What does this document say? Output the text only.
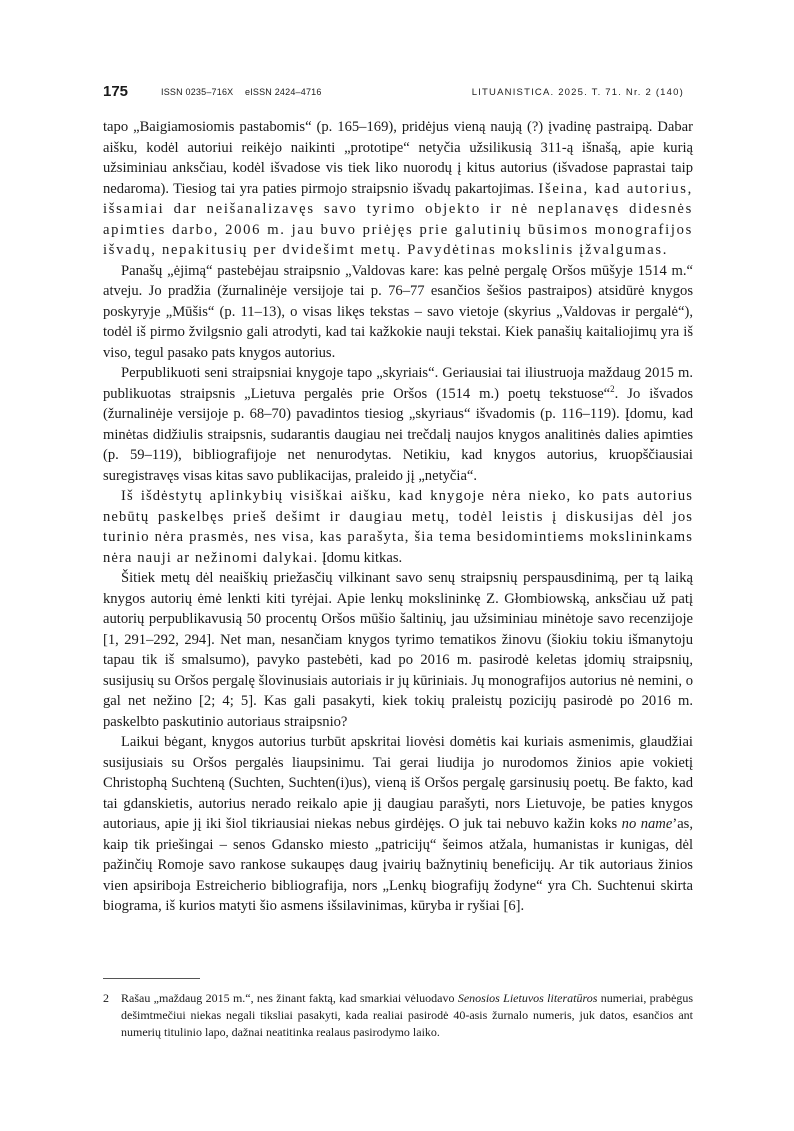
175	ISSN 0235–716X eISSN 2424–4716	LITUANISTICA. 2025. T. 71. Nr. 2 (140)

tapo „Baigiamosiomis pastabomis“ (p. 165–169), pridėjus vieną naują (?) įvadinę pastraipą. Dabar aišku, kodėl autoriui reikėjo naikinti „prototipe“ netyčia užsilikusią 311-ą išnašą, apie kurią užsiminiau anksčiau, kodėl išvadose vis tiek liko nuorodų į kitus autorius (išvadose paprastai taip nedaroma). Tiesiog tai yra paties pirmojo straipsnio išvadų pakartojimas. Išeina, kad autorius, išsamiai dar neišanalizavęs savo tyrimo objekto ir nė neplanavęs didesnės apimties darbo, 2006 m. jau buvo priėjęs prie galutinių būsimos monografijos išvadų, nepakitusių per dvidešimt metų. Pavydėtinas mokslinis įžvalgumas.

Panašų „ėjimą“ pastebėjau straipsnio „Valdovas kare: kas pelnė pergalę Oršos mūšyje 1514 m.“ atveju. Jo pradžia (žurnalinėje versijoje tai p. 76–77 esančios šešios pastraipos) atsidūrė knygos poskyryje „Mūšis“ (p. 11–13), o visas likęs tekstas – savo vietoje (skyrius „Valdovas ir pergalė“), todėl iš pirmo žvilgsnio gali atrodyti, kad tai kažkokie nauji tekstai. Kiek panašių kaitaliojimų yra iš viso, tegul pasako pats knygos autorius.

Perpublikuoti seni straipsniai knygoje tapo „skyriais“. Geriausiai tai iliustruoja maždaug 2015 m. publikuotas straipsnis „Lietuva pergalės prie Oršos (1514 m.) poetų tekstuose“$^2$. Jo išvados (žurnalinėje versijoje p. 68–70) pavadintos tiesiog „skyriaus“ išvadomis (p. 116–119). Įdomu, kad minėtas didžiulis straipsnis, sudarantis daugiau nei trečdalį naujos knygos analitinės dalies apimties (p. 59–119), bibliografijoje net nenurodytas. Netikiu, kad knygos autorius, kruopščiausiai suregistravęs visas kitas savo publikacijas, praleido jį „netyčia“.

Iš išdėstytų aplinkybių visiškai aišku, kad knygoje nėra nieko, ko pats autorius nebūtų paskelbęs prieš dešimt ir daugiau metų, todėl leistis į diskusijas dėl jos turinio nėra prasmės, nes visa, kas parašyta, šia tema besidomintiems mokslininkams nėra nauji ar nežinomi dalykai. Įdomu kitkas.

Šitiek metų dėl neaiškių priežasčių vilkinant savo senų straipsnių perspausdinimą, per tą laiką knygos autorių ėmė lenkti kiti tyrėjai. Apie lenkų mokslininkę Z. Głombiowską, anksčiau už patį autorių perpublikavusią 50 procentų Oršos mūšio šaltinių, jau užsiminiau minėtoje savo recenzijoje [1, 291–292, 294]. Net man, nesančiam knygos tyrimo tematikos žinovu (šiokiu tokiu išmanytoju tapau tik iš smalsumo), pavyko pastebėti, kad po 2016 m. pasirodė keletas įdomių straipsnių, susijusių su Oršos pergalę šlovinusiais autoriais ir jų kūriniais. Jų monografijos autorius nė nemini, o gal net nežino [2; 4; 5]. Kas gali pasakyti, kiek tokių praleistų pozicijų pasirodė po 2016 m. paskelbto paskutinio autoriaus straipsnio?

Laikui bėgant, knygos autorius turbūt apskritai liovėsi domėtis kai kuriais asmenimis, glaudžiai susijusiais su Oršos pergalės liaupsinimu. Tai gerai liudija jo nurodomos žinios apie vokietį Christophą Suchteną (Suchten, Suchten(i)us), vieną iš Oršos pergalę garsinusių poetų. Be fakto, kad tai gdanskietis, autorius nerado reikalo apie jį daugiau parašyti, nors Lietuvoje, be paties knygos autoriaus, apie jį iki šiol tikriausiai niekas nebus girdėjęs. O juk tai nebuvo kažin koks no name’as, kaip tik priešingai – senos Gdansko miesto „patricijų“ šeimos atžala, humanistas ir kunigas, dėl pažinčių Romoje savo rankose sukaupęs daug įvairių bažnytinių beneficijų. Ar tik autoriaus žinios vien apsiriboja Estreicherio bibliografija, nors „Lenkų biografijų žodyne“ yra Ch. Suchtenui skirta biograma, iš kurios matyti šio asmens išsilavinimas, kūryba ir ryšiai [6].

2 Rašau „maždaug 2015 m.“, nes žinant faktą, kad smarkiai vėluodavo Senosios Lietuvos literatūros numeriai, prabėgus dešimtmečiui niekas negali tiksliai pasakyti, kada realiai pasirodė 40-asis žurnalo numeris, juk datos, esančios ant numerių titulinio lapo, dažnai neatitinka realaus pasirodymo laiko.
